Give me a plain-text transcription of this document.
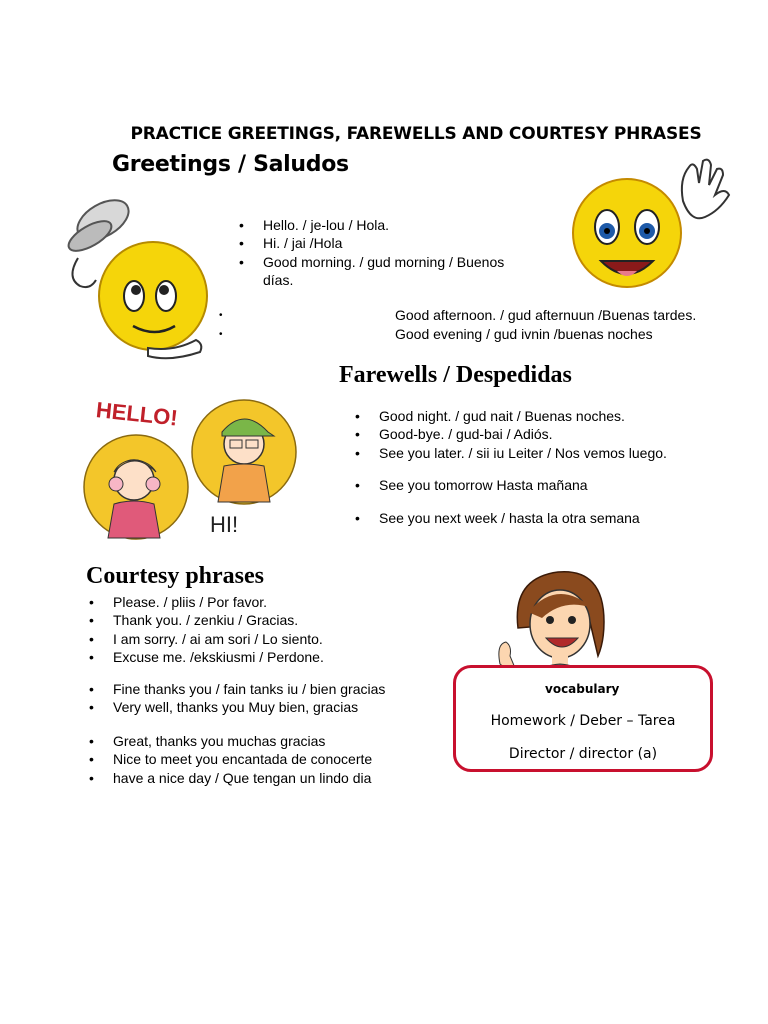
PRACTICE GREETINGS, FAREWELLS AND COURTESY PHRASES
Greetings / Saludos
• Hello. / je-lou / Hola.
• Hi. / jai /Hola
• Good morning. / gud morning / Buenos
días.
• Good afternoon. / gud afternuun /Buenas tardes.
• Good evening / gud ivnin /buenas noches
Farewells / Despedidas
HELLO!
HI!
• Good night. / gud nait / Buenas noches.
• Good-bye. / gud-bai / Adiós.
• See you later. / sii iu Leiter / Nos vemos luego.
• See you tomorrow Hasta mañana
• See you next week / hasta la otra semana
Courtesy phrases
• Please. / pliis / Por favor.
• Thank you. / zenkiu / Gracias.
• I am sorry. / ai am sori / Lo siento.
• Excuse me. /ekskiusmi / Perdone.
• Fine thanks you / fain tanks iu / bien gracias
• Very well, thanks you Muy bien, gracias
• Great, thanks you muchas gracias
• Nice to meet you encantada de conocerte
• have a nice day / Que tengan un lindo dia
vocabulary
Homework / Deber – Tarea
Director / director (a)
